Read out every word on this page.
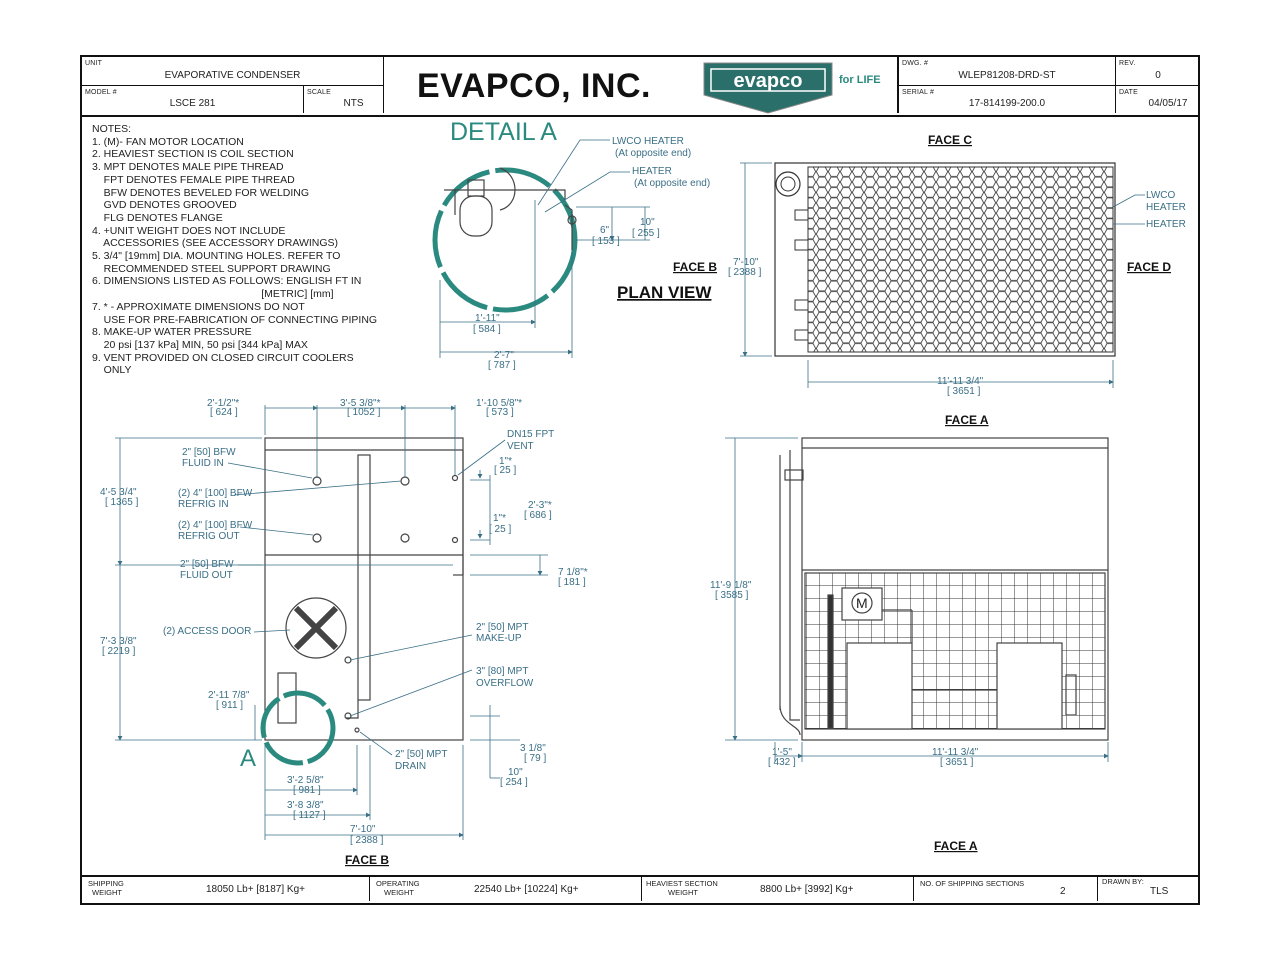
UNIT
EVAPORATIVE CONDENSER
MODEL #
LSCE 281
SCALE
NTS	EVAPCO, INC.	evapco	for LIFE
DWG. #
WLEP81208-DRD-ST
SERIAL #
17-814199-200.0
REV.
0
DATE
04/05/17
NOTES:
1. (M)- FAN MOTOR LOCATION
2. HEAVIEST SECTION IS COIL SECTION
3. MPT DENOTES MALE PIPE THREAD
FPT DENOTES FEMALE PIPE THREAD
BFW DENOTES BEVELED FOR WELDING
GVD DENOTES GROOVED
FLG DENOTES FLANGE
4. +UNIT WEIGHT DOES NOT INCLUDE
ACCESSORIES (SEE ACCESSORY DRAWINGS)
5. 3/4" [19mm] DIA. MOUNTING HOLES. REFER TO
RECOMMENDED STEEL SUPPORT DRAWING
6. DIMENSIONS LISTED AS FOLLOWS: ENGLISH FT IN
[METRIC] [mm]
7. * - APPROXIMATE DIMENSIONS DO NOT
USE FOR PRE-FABRICATION OF CONNECTING PIPING
8. MAKE-UP WATER PRESSURE
20 psi [137 kPa] MIN, 50 psi [344 kPa] MAX
9. VENT PROVIDED ON CLOSED CIRCUIT COOLERS
ONLY
SHIPPING
WEIGHT	18050 Lb+ [8187] Kg+
OPERATING
WEIGHT	22540 Lb+ [10224] Kg+
HEAVIEST SECTION
WEIGHT	8800 Lb+ [3992] Kg+
NO. OF SHIPPING SECTIONS
2
DRAWN BY:
TLS
DETAIL A	LWCO HEATER
(At opposite end)
HEATER
(At opposite end)
6"
[ 153 ]
10"
[ 255 ]
1'-11"
[ 584 ]
2'-7"
[ 787 ]
PLAN VIEW
FACE B
FACE C
FACE D
FACE A
7'-10"
[ 2388 ]
11'-11 3/4"
[ 3651 ]
LWCO
HEATER
HEATER
A
2'-1/2"*
[ 624 ]
3'-5 3/8"*
[ 1052 ]
1'-10 5/8"*
[ 573 ]
2" [50] BFW
FLUID IN
(2) 4" [100] BFW
REFRIG IN
(2) 4" [100] BFW
REFRIG OUT
2" [50] BFW
FLUID OUT
(2) ACCESS DOOR
DN15 FPT
VENT
1"*
[ 25 ]
1"*
[ 25 ]
2'-3"*
[ 686 ]
7 1/8"*
[ 181 ]
2" [50] MPT
MAKE-UP
3" [80] MPT
OVERFLOW
2" [50] MPT
DRAIN
3 1/8"
[ 79 ]
10"
[ 254 ]
4'-5 3/4"
[ 1365 ]
7'-3 3/8"
[ 2219 ]
2'-11 7/8"
[ 911 ]
3'-2 5/8"
[ 981 ]
3'-8 3/8"
[ 1127 ]
7'-10"
[ 2388 ]
FACE B
M
11'-9 1/8"
[ 3585 ]
1'-5"
[ 432 ]
11'-11 3/4"
[ 3651 ]
FACE A
